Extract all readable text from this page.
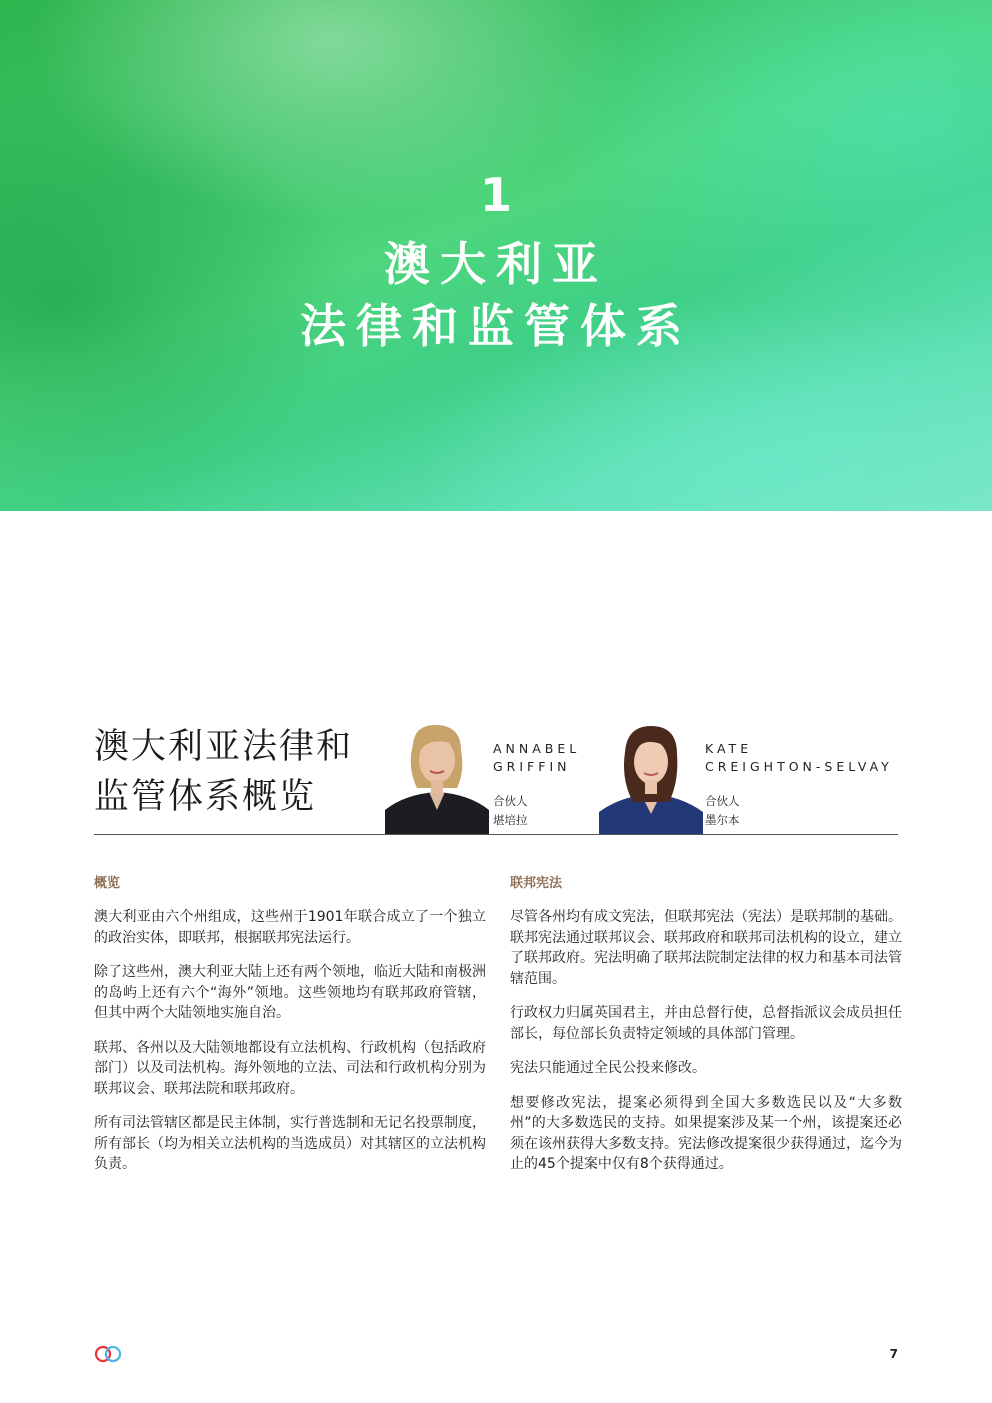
1
澳大利亚
法律和监管体系
澳大利亚法律和
监管体系概览
ANNABEL
GRIFFIN
合伙人
堪培拉
KATE
CREIGHTON-SELVAY
合伙人
墨尔本
概览

澳大利亚由六个州组成，这些州于1901年联合成立了一个独立的政治实体，即联邦，根据联邦宪法运行。

除了这些州，澳大利亚大陆上还有两个领地，临近大陆和南极洲的岛屿上还有六个“海外”领地。这些领地均有联邦政府管辖，但其中两个大陆领地实施自治。

联邦、各州以及大陆领地都设有立法机构、行政机构（包括政府部门）以及司法机构。海外领地的立法、司法和行政机构分别为联邦议会、联邦法院和联邦政府。

所有司法管辖区都是民主体制，实行普选制和无记名投票制度，所有部长（均为相关立法机构的当选成员）对其辖区的立法机构负责。

联邦宪法

尽管各州均有成文宪法，但联邦宪法（宪法）是联邦制的基础。联邦宪法通过联邦议会、联邦政府和联邦司法机构的设立，建立了联邦政府。宪法明确了联邦法院制定法律的权力和基本司法管辖范围。

行政权力归属英国君主，并由总督行使，总督指派议会成员担任部长，每位部长负责特定领域的具体部门管理。

宪法只能通过全民公投来修改。

想要修改宪法，提案必须得到全国大多数选民以及“大多数州”的大多数选民的支持。如果提案涉及某一个州，该提案还必须在该州获得大多数支持。宪法修改提案很少获得通过，迄今为止的45个提案中仅有8个获得通过。

7
